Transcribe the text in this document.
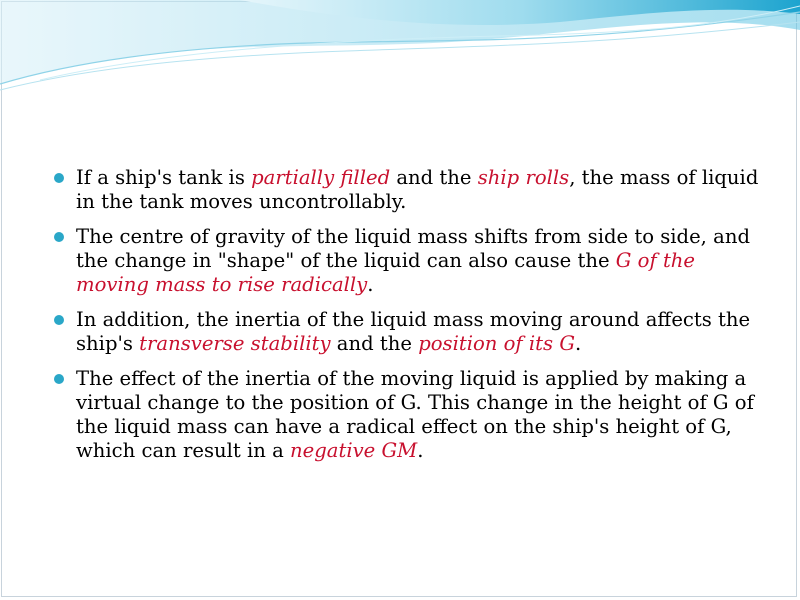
If a ship's tank is partially filled and the ship rolls, the mass of liquid in the tank moves uncontrollably.
The centre of gravity of the liquid mass shifts from side to side, and the change in "shape" of the liquid can also cause the G of the moving mass to rise radically.
In addition, the inertia of the liquid mass moving around affects the ship's transverse stability and the position of its G.
The effect of the inertia of the moving liquid is applied by making a virtual change to the position of G. This change in the height of G of the liquid mass can have a radical effect on the ship's height of G, which can result in a negative GM.
